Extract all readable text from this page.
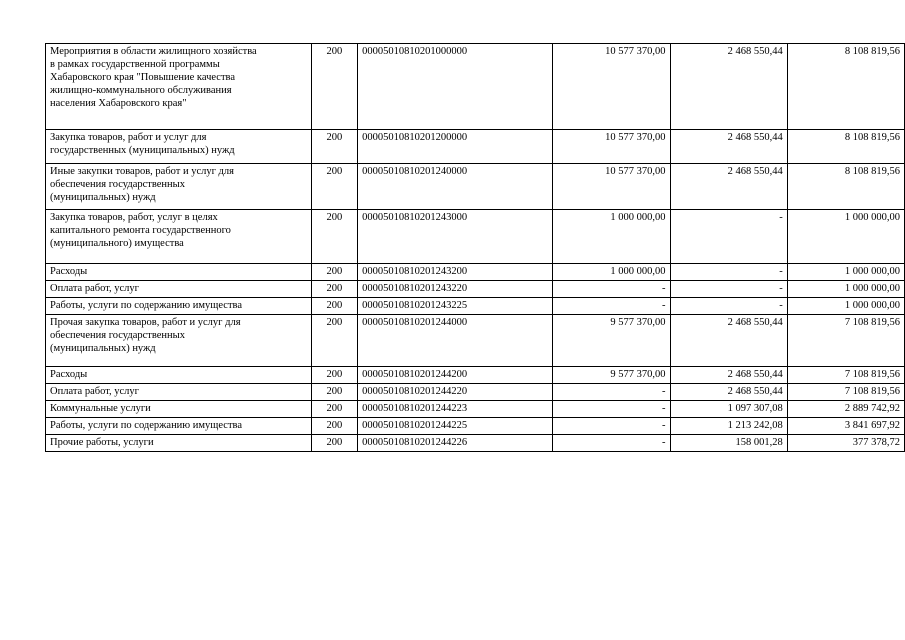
Мероприятия в области жилищного хозяйства
в рамках государственной программы
Хабаровского края "Повышение качества
жилищно-коммунального обслуживания
населения Хабаровского края"	200	00005010810201000000	10 577 370,00	2 468 550,44	8 108 819,56

Закупка товаров, работ и услуг для
государственных (муниципальных) нужд	200	00005010810201200000	10 577 370,00	2 468 550,44	8 108 819,56

Иные закупки товаров, работ и услуг для
обеспечения государственных
(муниципальных) нужд	200	00005010810201240000	10 577 370,00	2 468 550,44	8 108 819,56

Закупка товаров, работ, услуг в целях
капитального ремонта государственного
(муниципального) имущества	200	00005010810201243000	1 000 000,00	-	1 000 000,00

Расходы	200	00005010810201243200	1 000 000,00	-	1 000 000,00

Оплата работ, услуг	200	00005010810201243220	-	-	1 000 000,00

Работы, услуги по содержанию имущества	200	00005010810201243225	-	-	1 000 000,00

Прочая закупка товаров, работ и услуг для
обеспечения государственных
(муниципальных) нужд	200	00005010810201244000	9 577 370,00	2 468 550,44	7 108 819,56

Расходы	200	00005010810201244200	9 577 370,00	2 468 550,44	7 108 819,56

Оплата работ, услуг	200	00005010810201244220	-	2 468 550,44	7 108 819,56

Коммунальные услуги	200	00005010810201244223	-	1 097 307,08	2 889 742,92

Работы, услуги по содержанию имущества	200	00005010810201244225	-	1 213 242,08	3 841 697,92

Прочие работы, услуги	200	00005010810201244226	-	158 001,28	377 378,72
